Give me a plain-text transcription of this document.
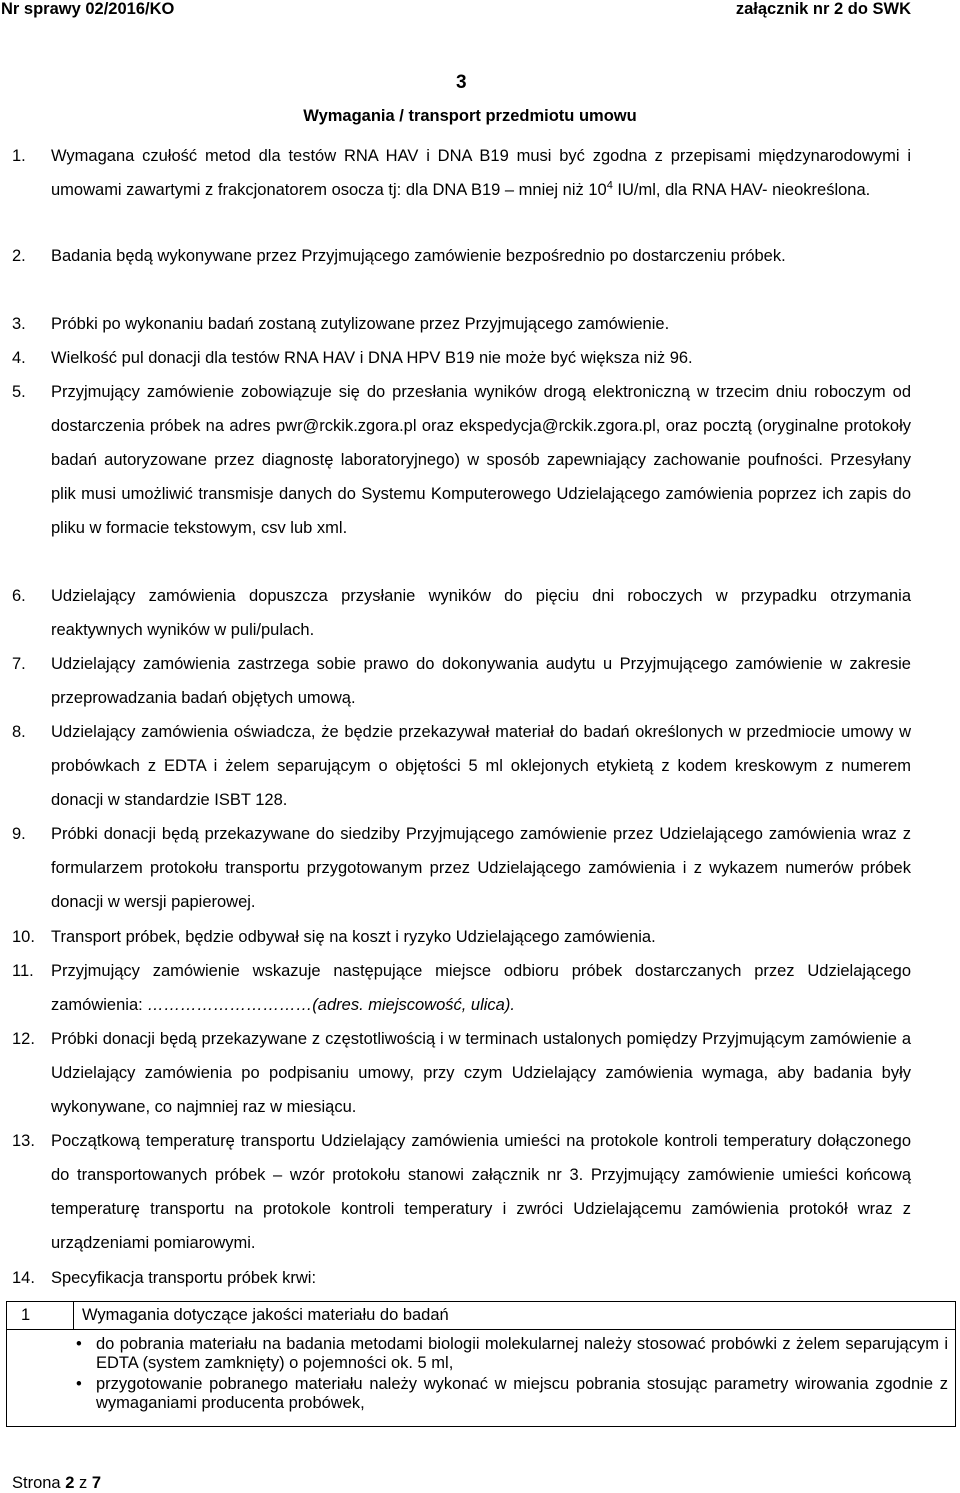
Nr sprawy 02/2016/KO	załącznik nr 2 do SWK
3
Wymagania / transport przedmiotu umowu
1. Wymagana czułość metod dla testów RNA HAV i DNA B19 musi być zgodna z przepisami międzynarodowymi i umowami zawartymi z frakcjonatorem osocza tj: dla DNA B19 – mniej niż $10^4$ IU/ml, dla RNA HAV- nieokreślona.
2. Badania będą wykonywane przez Przyjmującego zamówienie bezpośrednio po dostarczeniu próbek.
3. Próbki po wykonaniu badań zostaną zutylizowane przez Przyjmującego zamówienie.
4. Wielkość pul donacji dla testów RNA HAV i DNA HPV B19 nie może być większa niż 96.
5. Przyjmujący zamówienie zobowiązuje się do przesłania wyników drogą elektroniczną w trzecim dniu roboczym od dostarczenia próbek na adres pwr@rckik.zgora.pl oraz ekspedycja@rckik.zgora.pl, oraz pocztą (oryginalne protokoły badań autoryzowane przez diagnostę laboratoryjnego) w sposób zapewniający zachowanie poufności. Przesyłany plik musi umożliwić transmisje danych do Systemu Komputerowego Udzielającego zamówienia poprzez ich zapis do pliku w formacie tekstowym, csv lub xml.
6. Udzielający zamówienia dopuszcza przysłanie wyników do pięciu dni roboczych w przypadku otrzymania reaktywnych wyników w puli/pulach.
7. Udzielający zamówienia zastrzega sobie prawo do dokonywania audytu u Przyjmującego zamówienie w zakresie przeprowadzania badań objętych umową.
8. Udzielający zamówienia oświadcza, że będzie przekazywał materiał do badań określonych w przedmiocie umowy w probówkach z EDTA i żelem separującym o objętości 5 ml oklejonych etykietą z kodem kreskowym z numerem donacji w standardzie ISBT 128.
9. Próbki donacji będą przekazywane do siedziby Przyjmującego zamówienie przez Udzielającego zamówienia wraz z formularzem protokołu transportu przygotowanym przez Udzielającego zamówienia i z wykazem numerów próbek donacji w wersji papierowej.
10. Transport próbek, będzie odbywał się na koszt i ryzyko Udzielającego zamówienia.
11. Przyjmujący zamówienie wskazuje następujące miejsce odbioru próbek dostarczanych przez Udzielającego zamówienia: …………………………(adres. miejscowość, ulica).
12. Próbki donacji będą przekazywane z częstotliwością i w terminach ustalonych pomiędzy Przyjmującym zamówienie a Udzielający zamówienia po podpisaniu umowy, przy czym Udzielający zamówienia wymaga, aby badania były wykonywane, co najmniej raz w miesiącu.
13. Początkową temperaturę transportu Udzielający zamówienia umieści na protokole kontroli temperatury dołączonego do transportowanych próbek – wzór protokołu stanowi załącznik nr 3. Przyjmujący zamówienie umieści końcową temperaturę transportu na protokole kontroli temperatury i zwróci Udzielającemu zamówienia protokół wraz z urządzeniami pomiarowymi.
14. Specyfikacja transportu próbek krwi:
1	Wymagania dotyczące jakości materiału do badań

• do pobrania materiału na badania metodami biologii molekularnej należy stosować probówki z żelem separującym i EDTA (system zamknięty) o pojemności ok. 5 ml,
• przygotowanie pobranego materiału należy wykonać w miejscu pobrania stosując parametry wirowania zgodnie z wymaganiami producenta probówek,
Strona 2 z 7
